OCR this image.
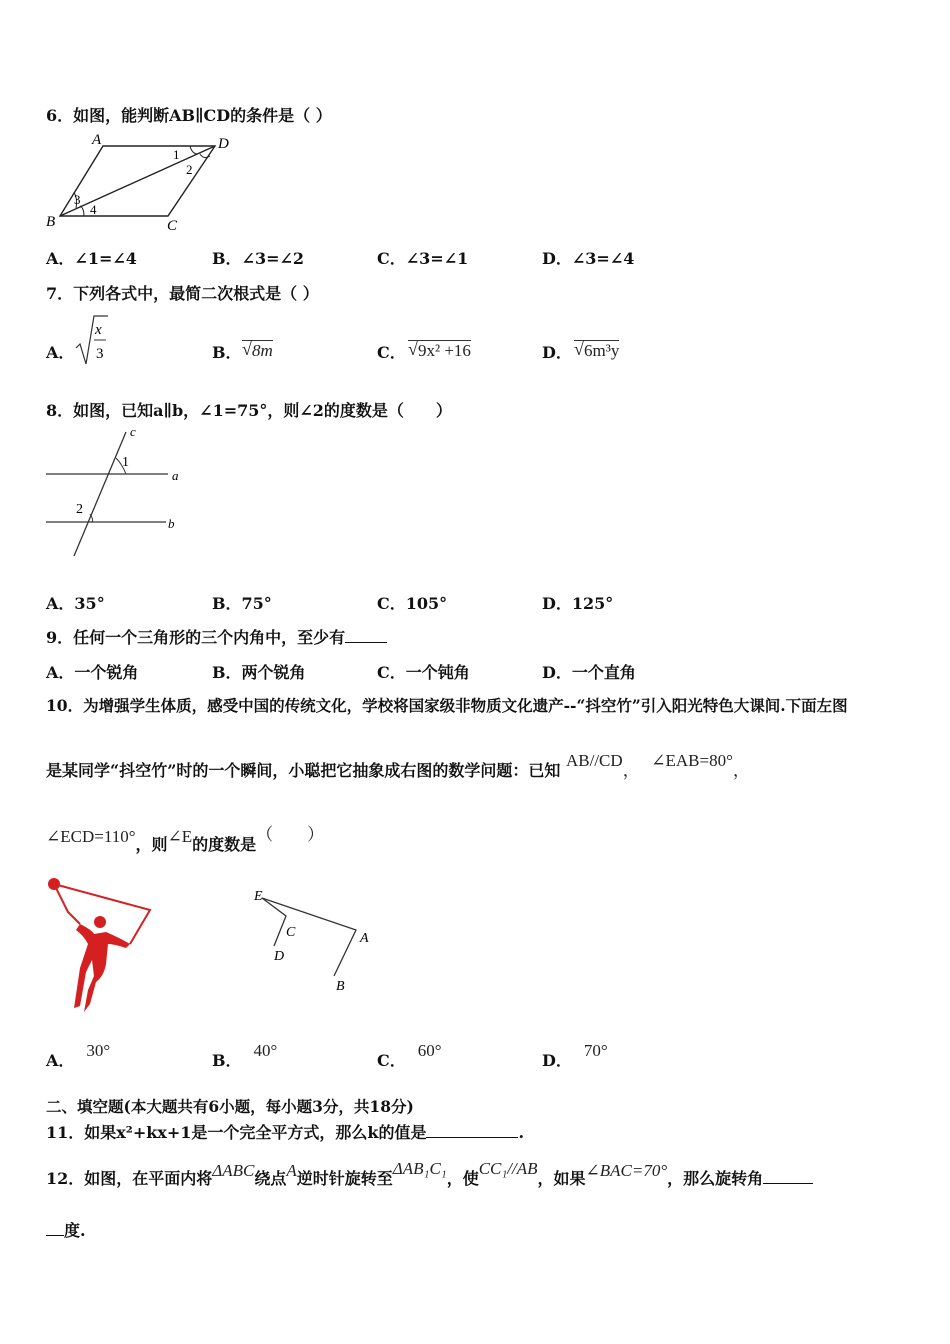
6．如图，能判断AB∥CD的条件是（ ）
A	D
B	C
1
2
3
4
A．∠1=∠4	B．∠3=∠2	C．∠3=∠1	D．∠3=∠4
7．下列各式中，最简二次根式是（ ）
A．
x
3	B． √ 8m	C． √ 9x² +16	D． √ 6m³y
8．如图，已知a∥b，∠1=75°，则∠2的度数是（　　）
c
a
b
1
2
A．35°	B．75°	C．105°	D．125°
9．任何一个三角形的三个内角中，至少有
A．一个锐角	B．两个锐角	C．一个钝角	D．一个直角
10．为增强学生体质，感受中国的传统文化，学校将国家级非物质文化遗产--“抖空竹”引入阳光特色大课间.下面左图
是某同学“抖空竹”时的一个瞬间，小聪把它抽象成右图的数学问题：已知 AB//CD， ∠EAB=80°，
∠ECD=110°，则∠E的度数是（　　）
E
C	A
D
B
A．30°
B．40°
C．60°
D．70°
二、填空题(本大题共有6小题，每小题3分，共18分)
11．如果x²+kx+1是一个完全平方式，那么k的值是	.
12．如图，在平面内将ΔABC绕点A逆时针旋转至ΔAB₁C₁，使CC₁//AB，如果∠BAC=70°，那么旋转角
度.
